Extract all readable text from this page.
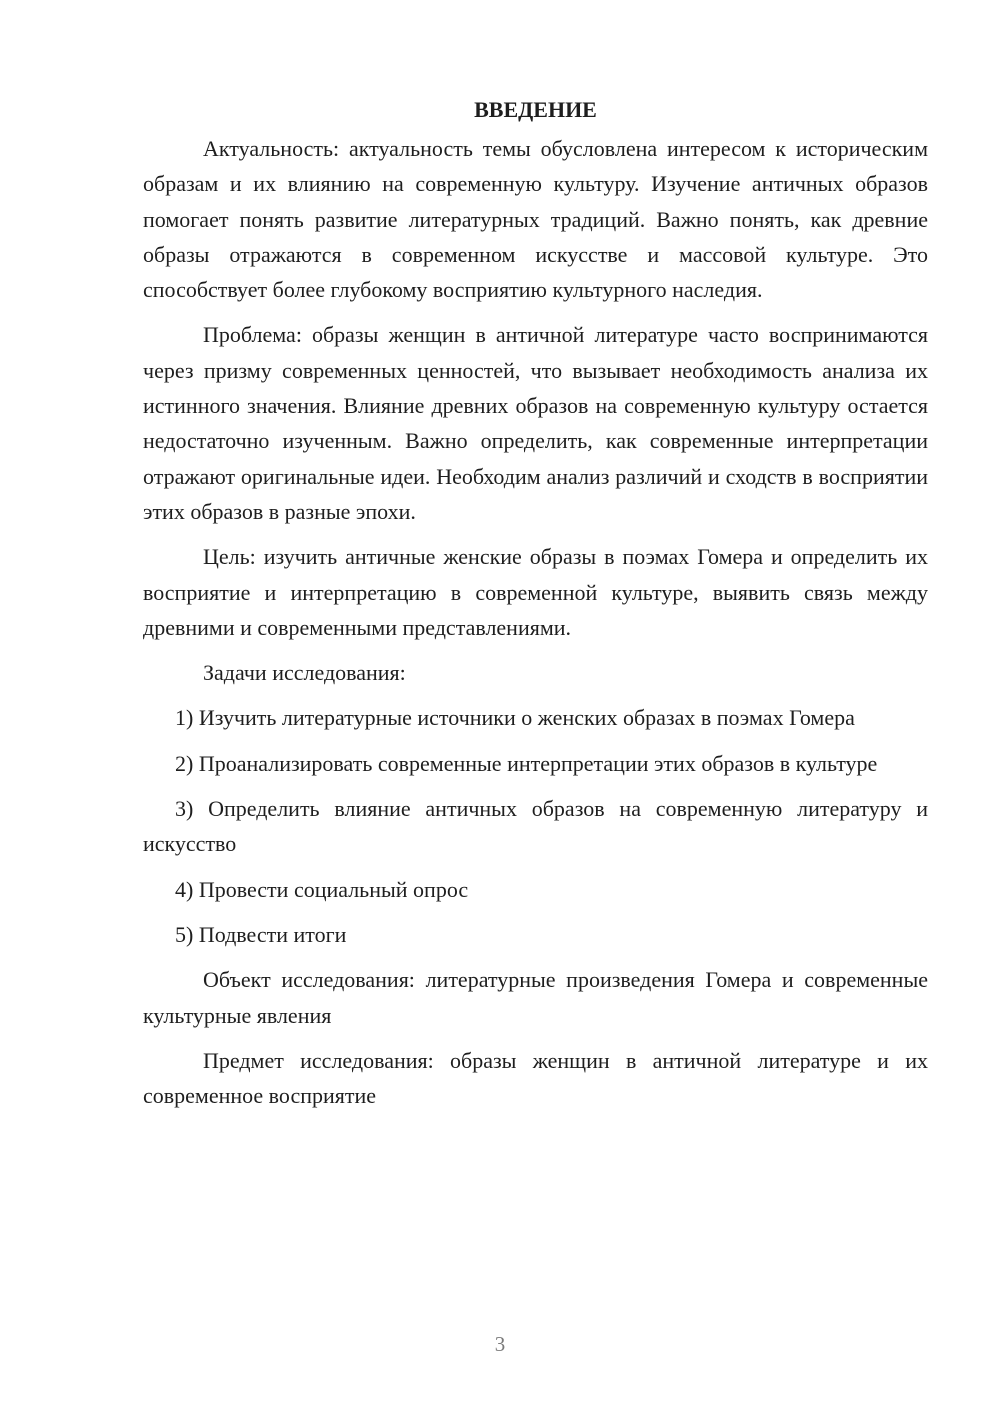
ВВЕДЕНИЕ

Актуальность: актуальность темы обусловлена интересом к историческим образам и их влиянию на современную культуру. Изучение античных образов помогает понять развитие литературных традиций. Важно понять, как древние образы отражаются в современном искусстве и массовой культуре. Это способствует более глубокому восприятию культурного наследия.

Проблема: образы женщин в античной литературе часто воспринимаются через призму современных ценностей, что вызывает необходимость анализа их истинного значения. Влияние древних образов на современную культуру остается недостаточно изученным. Важно определить, как современные интерпретации отражают оригинальные идеи. Необходим анализ различий и сходств в восприятии этих образов в разные эпохи.

Цель: изучить античные женские образы в поэмах Гомера и определить их восприятие и интерпретацию в современной культуре, выявить связь между древними и современными представлениями.

Задачи исследования:

1) Изучить литературные источники о женских образах в поэмах Гомера

2) Проанализировать современные интерпретации этих образов в культуре

3) Определить влияние античных образов на современную литературу и искусство

4) Провести социальный опрос

5) Подвести итоги

Объект исследования: литературные произведения Гомера и современные культурные явления

Предмет исследования: образы женщин в античной литературе и их современное восприятие

3
